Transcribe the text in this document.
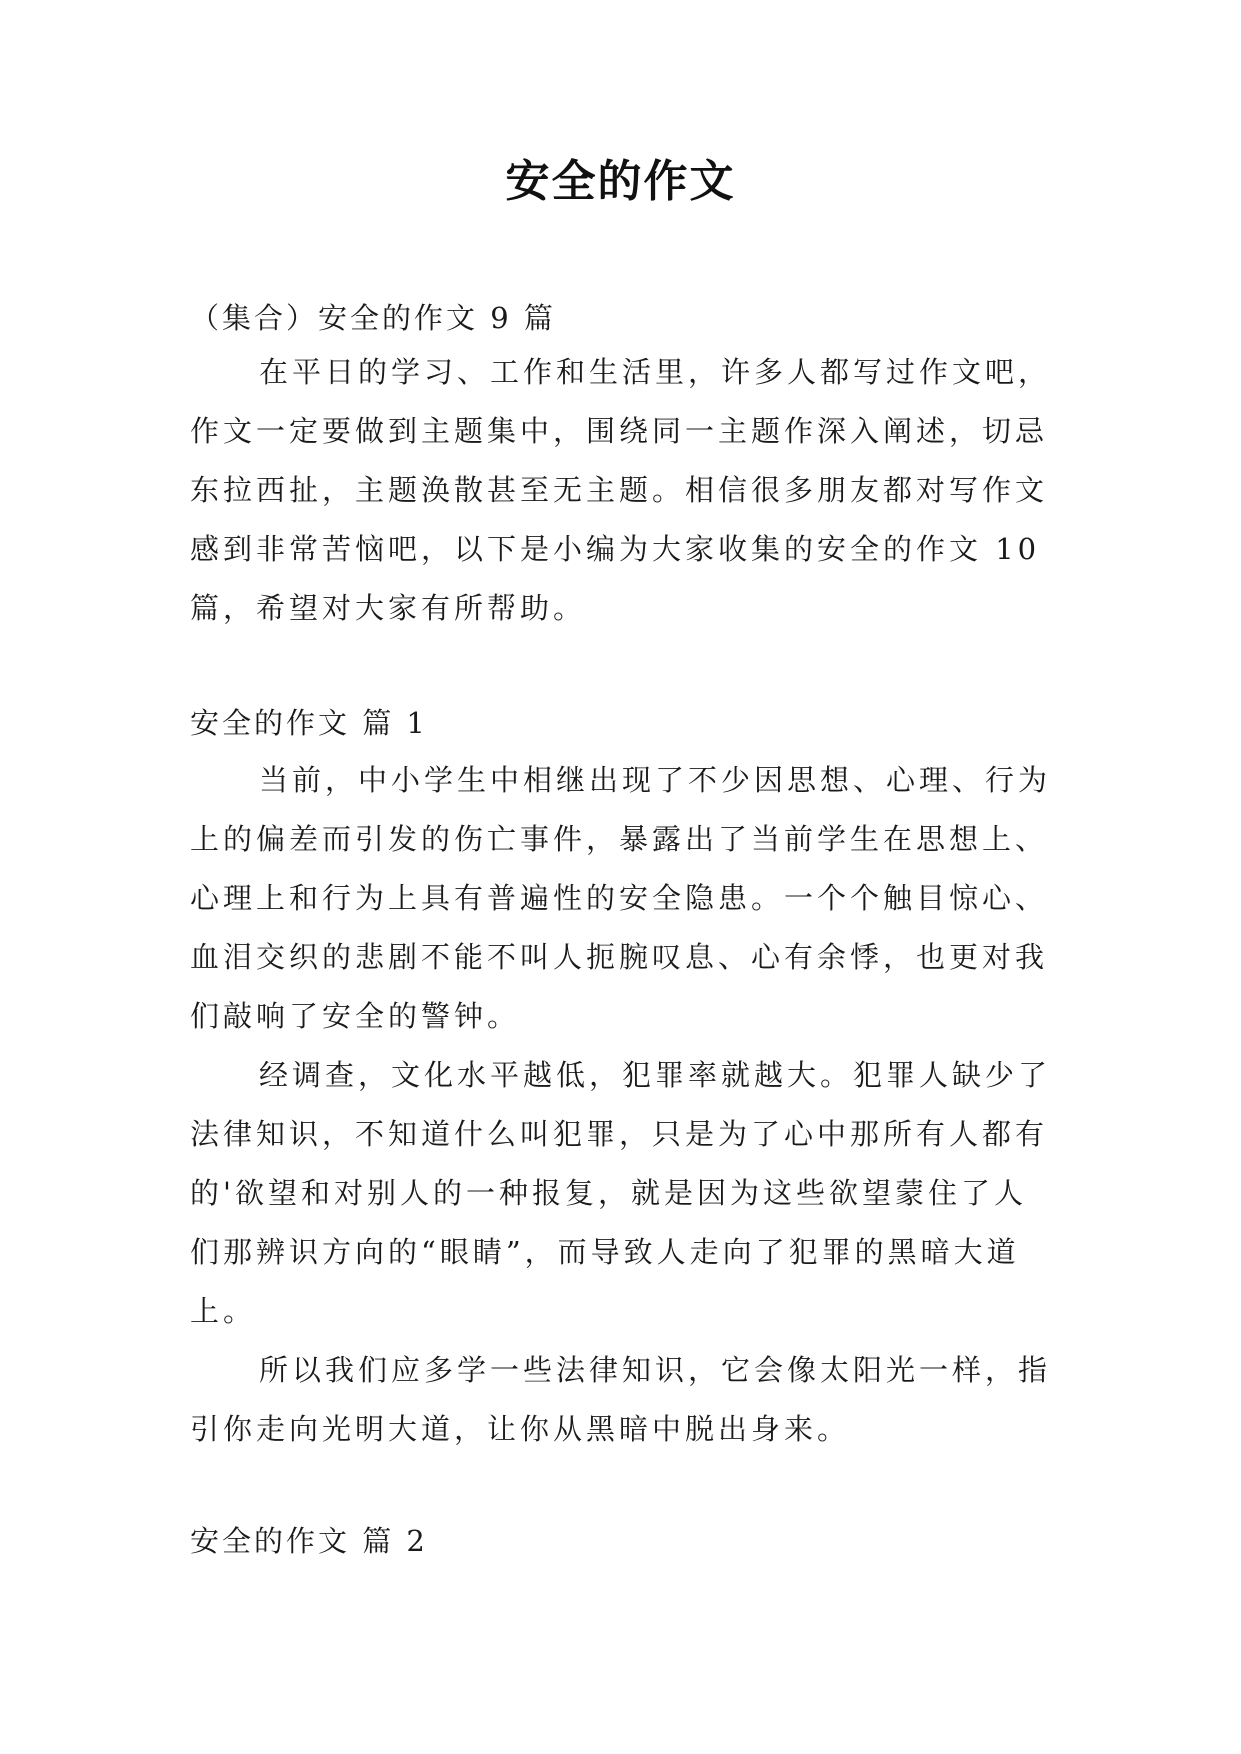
安全的作文
（集合）安全的作文 9 篇
在平日的学习、工作和生活里，许多人都写过作文吧，
作文一定要做到主题集中，围绕同一主题作深入阐述，切忌
东拉西扯，主题涣散甚至无主题。相信很多朋友都对写作文
感到非常苦恼吧，以下是小编为大家收集的安全的作文 10
篇，希望对大家有所帮助。
安全的作文 篇 1
当前，中小学生中相继出现了不少因思想、心理、行为
上的偏差而引发的伤亡事件，暴露出了当前学生在思想上、
心理上和行为上具有普遍性的安全隐患。一个个触目惊心、
血泪交织的悲剧不能不叫人扼腕叹息、心有余悸，也更对我
们敲响了安全的警钟。
经调查，文化水平越低，犯罪率就越大。犯罪人缺少了
法律知识，不知道什么叫犯罪，只是为了心中那所有人都有
的'欲望和对别人的一种报复，就是因为这些欲望蒙住了人
们那辨识方向的“眼睛”，而导致人走向了犯罪的黑暗大道
上。
所以我们应多学一些法律知识，它会像太阳光一样，指
引你走向光明大道，让你从黑暗中脱出身来。
安全的作文 篇 2
